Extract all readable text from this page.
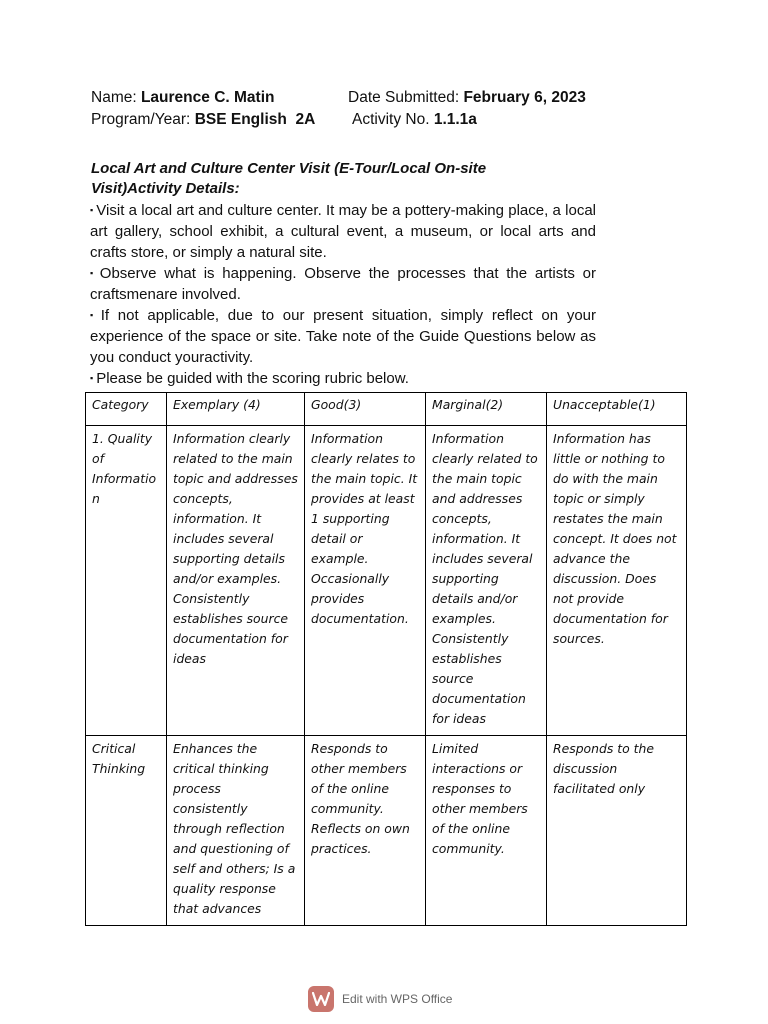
Name: Laurence C. Matin	Date Submitted: February 6, 2023
Program/Year: BSE English  2A Activity No. 1.1.1a
Local Art and Culture Center Visit (E-Tour/Local On-site
Visit)Activity Details:

▪ Visit a local art and culture center. It may be a pottery-making place, a local art gallery, school exhibit, a cultural event, a museum, or local arts and crafts store, or simply a natural site.

▪ Observe what is happening. Observe the processes that the artists or craftsmenare involved.

▪ If not applicable, due to our present situation, simply reflect on your experience of the space or site. Take note of the Guide Questions below as you conduct youractivity.

▪ Please be guided with the scoring rubric below.

Category	Exemplary (4)	Good(3)	Marginal(2)	Unacceptable(1)
1. Quality of Informatio n	Information clearly related to the main topic and addresses concepts, information. It includes several supporting details and/or examples. Consistently establishes source documentation for ideas	Information clearly relates to the main topic. It provides at least 1 supporting detail or example. Occasionally provides documentation.	Information clearly related to the main topic and addresses concepts, information. It includes several supporting details and/or examples. Consistently establishes source documentation for ideas	Information has little or nothing to do with the main topic or simply restates the main concept. It does not advance the discussion. Does not provide documentation for sources.
Critical Thinking	Enhances the critical thinking process consistently through reflection and questioning of self and others; Is a quality response that advances	Responds to other members of the online community. Reflects on own practices.	Limited interactions or responses to other members of the online community.	Responds to the discussion facilitated only
Edit with WPS Office
